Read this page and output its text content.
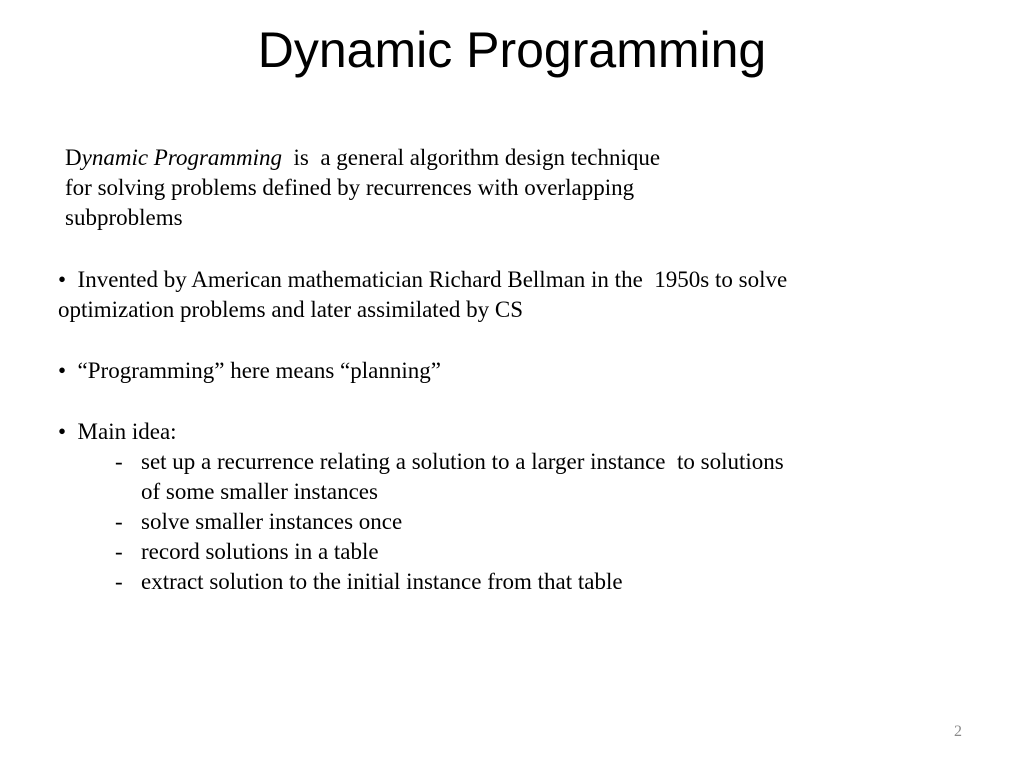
Dynamic Programming
Dynamic Programming  is  a general algorithm design technique
for solving problems defined by recurrences with overlapping
subproblems
•  Invented by American mathematician Richard Bellman in the  1950s to solve
optimization problems and later assimilated by CS
•  “Programming” here means “planning”
•  Main idea:
- set up a recurrence relating a solution to a larger instance  to solutions
of some smaller instances
- solve smaller instances once
- record solutions in a table
- extract solution to the initial instance from that table
2
